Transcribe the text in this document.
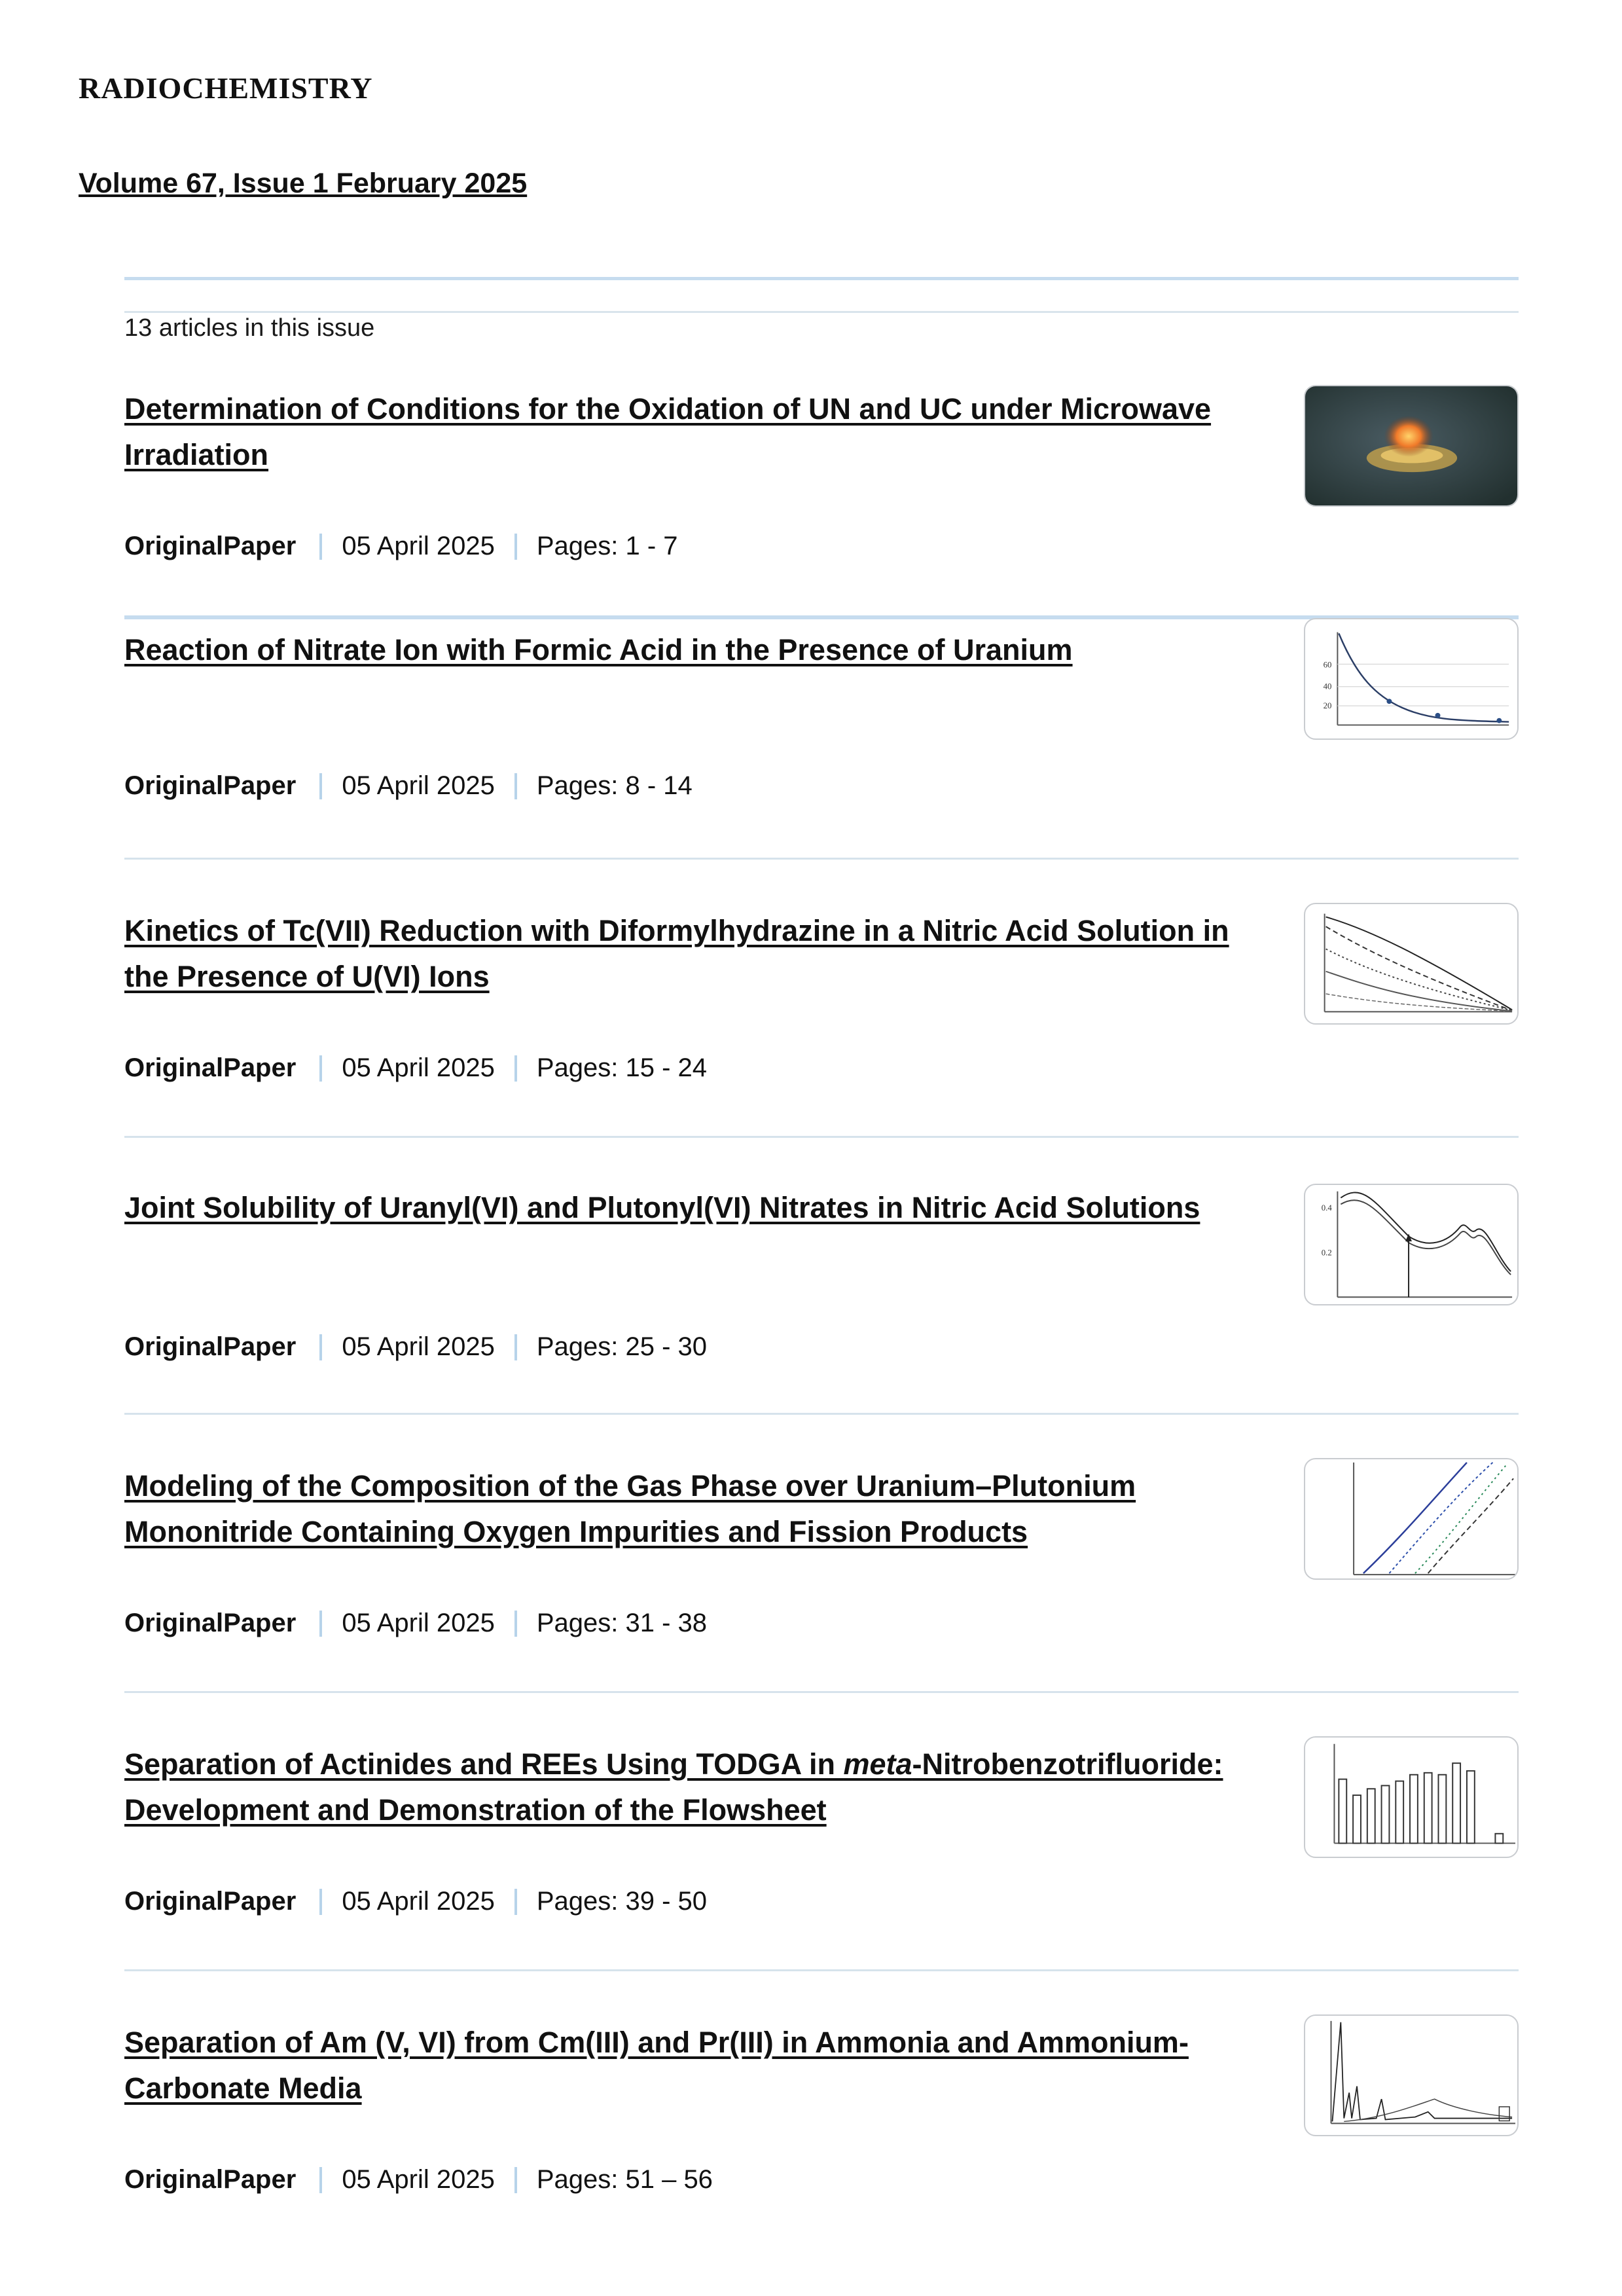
RADIOCHEMISTRY
Volume 67, Issue 1 February 2025
13 articles in this issue
Determination of Conditions for the Oxidation of UN and UC under Microwave Irradiation
OriginalPaper 05 April 2025 Pages: 1 - 7
Reaction of Nitrate Ion with Formic Acid in the Presence of Uranium	60
40
20
OriginalPaper 05 April 2025 Pages: 8 - 14
Kinetics of Tc(VII) Reduction with Diformylhydrazine in a Nitric Acid Solution in the Presence of U(VI) Ions
OriginalPaper 05 April 2025 Pages: 15 - 24
Joint Solubility of Uranyl(VI) and Plutonyl(VI) Nitrates in Nitric Acid Solutions	0.4
0.2
OriginalPaper 05 April 2025 Pages: 25 - 30
Modeling of the Composition of the Gas Phase over Uranium–Plutonium Mononitride Containing Oxygen Impurities and Fission Products
OriginalPaper 05 April 2025 Pages: 31 - 38
Separation of Actinides and REEs Using TODGA in meta-Nitrobenzotrifluoride: Development and Demonstration of the Flowsheet
OriginalPaper 05 April 2025 Pages: 39 - 50
Separation of Am (V, VI) from Cm(III) and Pr(III) in Ammonia and Ammonium-Carbonate Media
OriginalPaper 05 April 2025 Pages: 51 – 56
